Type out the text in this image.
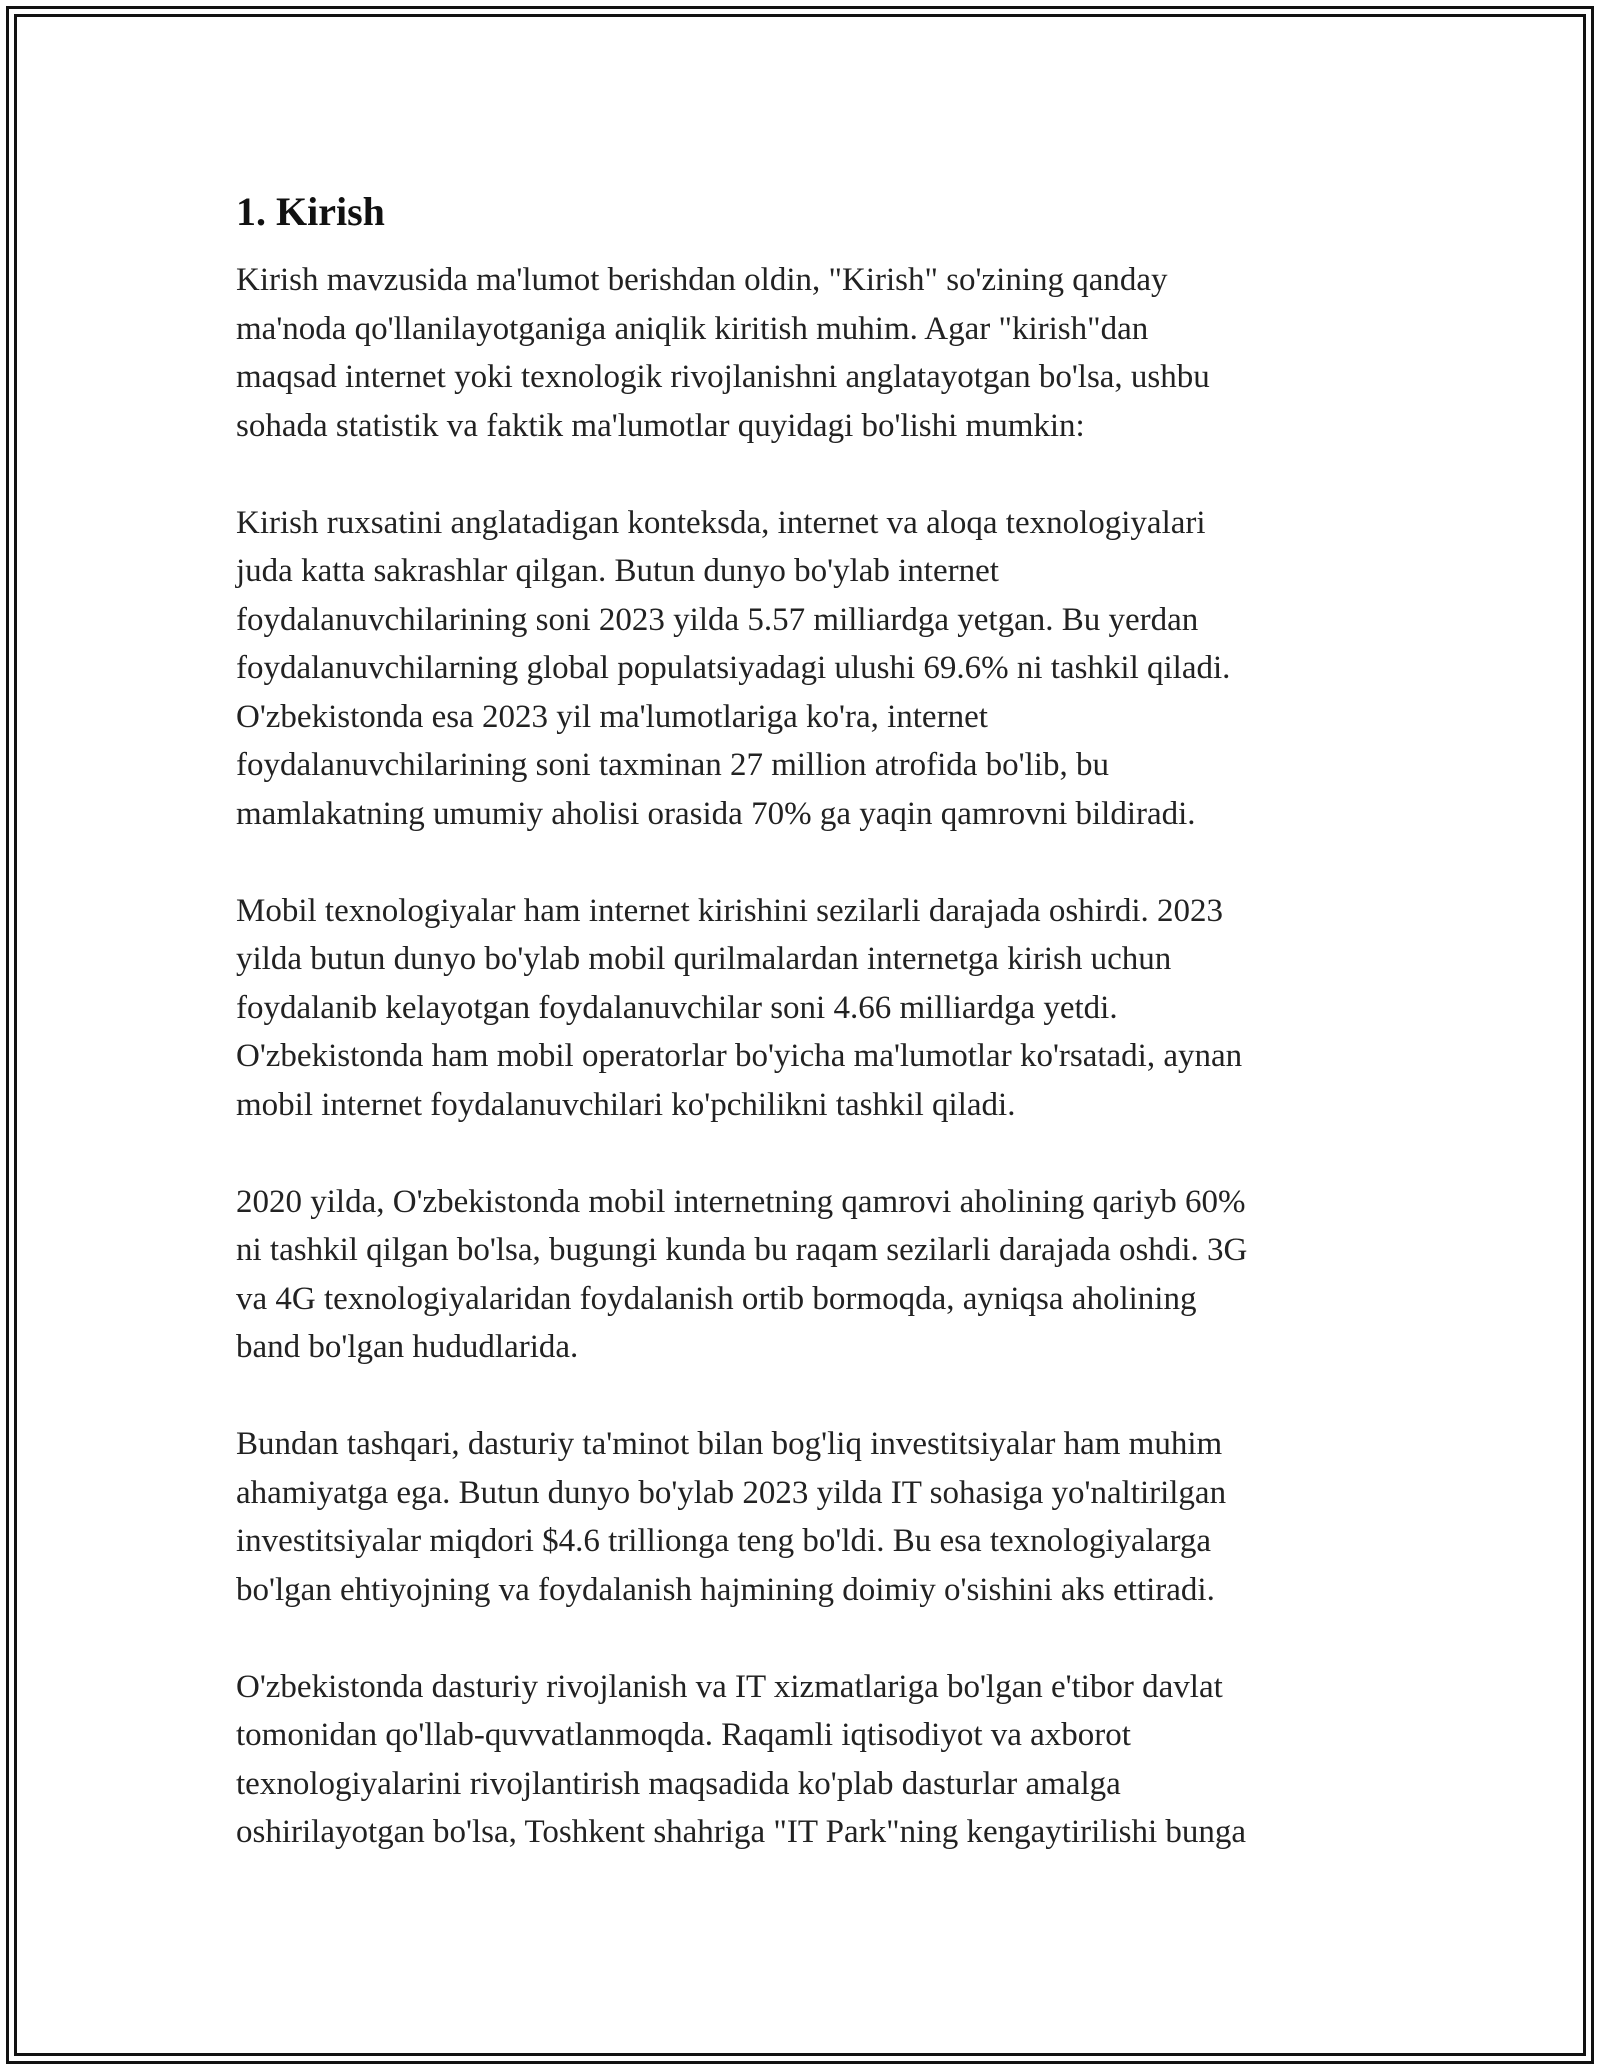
1. Kirish

Kirish mavzusida ma'lumot berishdan oldin, "Kirish" so'zining qanday
ma'noda qo'llanilayotganiga aniqlik kiritish muhim. Agar "kirish"dan
maqsad internet yoki texnologik rivojlanishni anglatayotgan bo'lsa, ushbu
sohada statistik va faktik ma'lumotlar quyidagi bo'lishi mumkin:

Kirish ruxsatini anglatadigan konteksda, internet va aloqa texnologiyalari
juda katta sakrashlar qilgan. Butun dunyo bo'ylab internet
foydalanuvchilarining soni 2023 yilda 5.57 milliardga yetgan. Bu yerdan
foydalanuvchilarning global populatsiyadagi ulushi 69.6% ni tashkil qiladi.
O'zbekistonda esa 2023 yil ma'lumotlariga ko'ra, internet
foydalanuvchilarining soni taxminan 27 million atrofida bo'lib, bu
mamlakatning umumiy aholisi orasida 70% ga yaqin qamrovni bildiradi.

Mobil texnologiyalar ham internet kirishini sezilarli darajada oshirdi. 2023
yilda butun dunyo bo'ylab mobil qurilmalardan internetga kirish uchun
foydalanib kelayotgan foydalanuvchilar soni 4.66 milliardga yetdi.
O'zbekistonda ham mobil operatorlar bo'yicha ma'lumotlar ko'rsatadi, aynan
mobil internet foydalanuvchilari ko'pchilikni tashkil qiladi.

2020 yilda, O'zbekistonda mobil internetning qamrovi aholining qariyb 60%
ni tashkil qilgan bo'lsa, bugungi kunda bu raqam sezilarli darajada oshdi. 3G
va 4G texnologiyalaridan foydalanish ortib bormoqda, ayniqsa aholining
band bo'lgan hududlarida.

Bundan tashqari, dasturiy ta'minot bilan bog'liq investitsiyalar ham muhim
ahamiyatga ega. Butun dunyo bo'ylab 2023 yilda IT sohasiga yo'naltirilgan
investitsiyalar miqdori $4.6 trillionga teng bo'ldi. Bu esa texnologiyalarga
bo'lgan ehtiyojning va foydalanish hajmining doimiy o'sishini aks ettiradi.

O'zbekistonda dasturiy rivojlanish va IT xizmatlariga bo'lgan e'tibor davlat
tomonidan qo'llab-quvvatlanmoqda. Raqamli iqtisodiyot va axborot
texnologiyalarini rivojlantirish maqsadida ko'plab dasturlar amalga
oshirilayotgan bo'lsa, Toshkent shahriga "IT Park"ning kengaytirilishi bunga
